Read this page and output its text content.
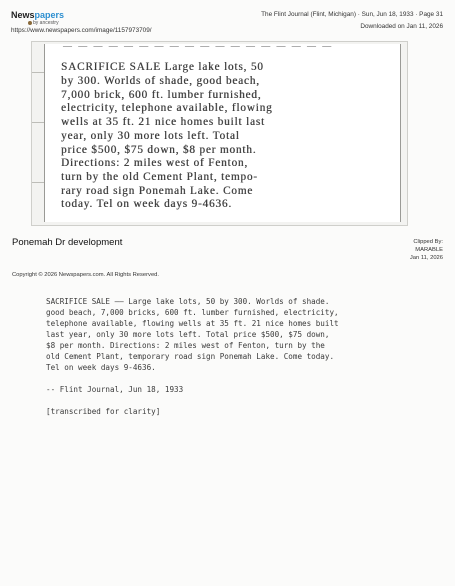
Newspapers
by ancestry
https://www.newspapers.com/image/1157973709/
The Flint Journal (Flint, Michigan) · Sun, Jun 18, 1933 · Page 31
Downloaded on Jan 11, 2026
— — — — — — — — — — — — — — — — — —
SACRIFICE SALE Large lake lots, 50
by 300. Worlds of shade, good beach,
7,000 brick, 600 ft. lumber furnished,
electricity, telephone available, flowing
wells at 35 ft. 21 nice homes built last
year, only 30 more lots left. Total
price $500, $75 down, $8 per month.
Directions: 2 miles west of Fenton,
turn by the old Cement Plant, tempo-
rary road sign Ponemah Lake. Come
today. Tel on week days 9-4636.
Ponemah Dr development	Clipped By:
MARABLE
Jan 11, 2026
Copyright © 2026 Newspapers.com. All Rights Reserved.

SACRIFICE SALE —— Large lake lots, 50 by 300. Worlds of shade.

good beach, 7,000 bricks, 600 ft. lumber furnished, electricity,

telephone available, flowing wells at 35 ft. 21 nice homes built

last year, only 30 more lots left. Total price $500, $75 down,

$8 per month. Directions: 2 miles west of Fenton, turn by the

old Cement Plant, temporary road sign Ponemah Lake. Come today.

Tel on week days 9-4636.

-- Flint Journal, Jun 18, 1933

[transcribed for clarity]
